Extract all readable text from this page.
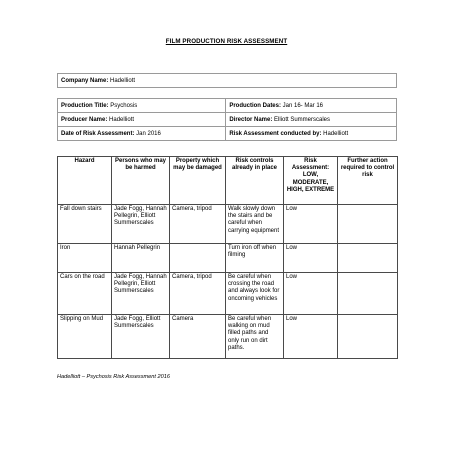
FILM PRODUCTION RISK ASSESSMENT
Company Name: Hadelliott
Production Title: Psychosis	Production Dates: Jan 16- Mar 16
Producer Name: Hadelliott	Director Name: Elliott Summerscales
Date of Risk Assessment: Jan 2016	Risk Assessment conducted by: Hadelliott
Hazard	Persons who may be harmed	Property which may be damaged	Risk controls already in place	Risk Assessment: LOW, MODERATE, HIGH, EXTREME	Further action required to control risk
Fall down stairs	Jade Fogg, Hannah Pellegrin, Elliott Summerscales	Camera, tripod	Walk slowly down the stairs and be careful when carrying equipment	Low	
Iron	Hannah Pellegrin		Turn iron off when filming	Low	
Cars on the road	Jade Fogg, Hannah Pellegrin, Elliott Summerscales	Camera, tripod	Be careful when crossing the road and always look for oncoming vehicles	Low	
Slipping on Mud	Jade Fogg, Elliott Summerscales	Camera	Be careful when walking on mud filled paths and only run on dirt paths.	Low	
Hadelliott – Psychosis Risk Assessment 2016
